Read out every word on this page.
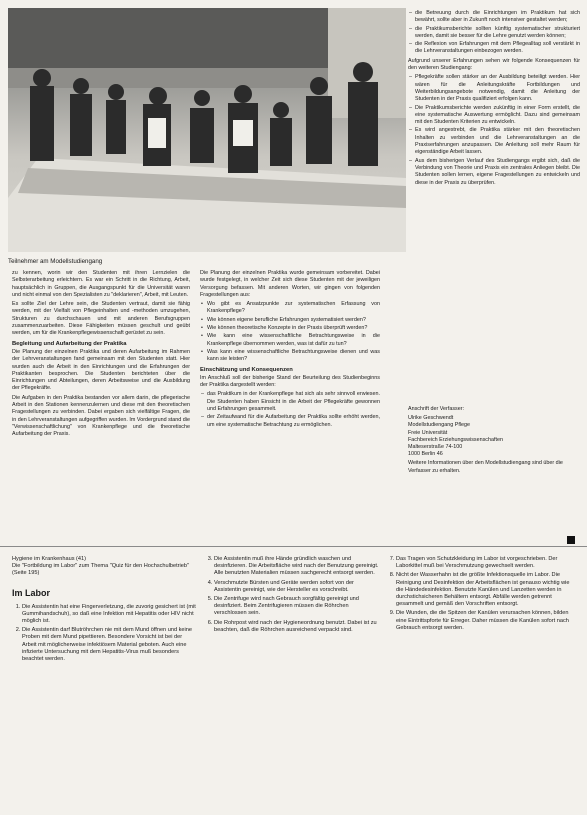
Teilnehmer am Modellstudiengang

zu kennen, worin wir den Studenten mit ihren Lernzielen die Selbsterarbeitung erleichtern. Es war ein Schritt in die Richtung, Arbeit, hauptsächlich in Gruppen, die Ausgangspunkt für die Universität waren und nicht einmal von den Spezialisten zu "deklarieren", Arbeit, mit Leuten.

Es sollte Ziel der Lehre sein, die Studenten vertraut, damit sie fähig werden, mit der Vielfalt von Pflegeinhalten und -methoden umzugehen, Strukturen zu durchschauen und mit anderen Berufsgruppen zusammenzuarbeiten. Diese Fähigkeiten müssen geschult und geübt werden, um für die Krankenpflegewissenschaft gerüstet zu sein.

Begleitung und Aufarbeitung der Praktika

Die Planung der einzelnen Praktika und deren Aufarbeitung im Rahmen der Lehrveranstaltungen fand gemeinsam mit den Studenten statt. Hier wurden auch die Arbeit in den Einrichtungen und die Erfahrungen der Praktikanten besprochen. Die Studenten berichteten über die Einrichtungen und Abteilungen, deren Arbeitsweise und die Ausbildung der Pflegekräfte.

Die Aufgaben in den Praktika bestanden vor allem darin, die pflegerische Arbeit in den Stationen kennenzulernen und diese mit den theoretischen Fragestellungen zu verbinden. Dabei ergaben sich vielfältige Fragen, die in den Lehrveranstaltungen aufgegriffen wurden. Im Vordergrund stand die "Verwissenschaftlichung" von Krankenpflege und die theoretische Aufarbeitung der Praxis.

Die Planung der einzelnen Praktika wurde gemeinsam vorbereitet. Dabei wurde festgelegt, in welcher Zeit sich diese Studenten mit der jeweiligen Versorgung befassen. Mit anderen Worten, wir gingen von folgenden Fragestellungen aus:

• Wo gibt es Ansatzpunkte zur systematischen Erfassung von Krankenpflege?
• Wie können eigene berufliche Erfahrungen systematisiert werden?
• Wie können theoretische Konzepte in der Praxis überprüft werden?
• Wie kann eine wissenschaftliche Betrachtungsweise in die Krankenpflege übernommen werden, was ist dafür zu tun?
• Was kann eine wissenschaftliche Betrachtungsweise dienen und was kann sie leisten?
Einschätzung und Konsequenzen

Im Anschluß soll der bisherige Stand der Beurteilung des Studienbeginns der Praktika dargestellt werden:

– das Praktikum in der Krankenpflege hat sich als sehr sinnvoll erwiesen. Die Studenten haben Einsicht in die Arbeit der Pflegekräfte gewonnen und Erfahrungen gesammelt.
– der Zeitaufwand für die Aufarbeitung der Praktika sollte erhöht werden, um eine systematische Betrachtung zu ermöglichen.
– die Betreuung durch die Einrichtungen im Praktikum hat sich bewährt, sollte aber in Zukunft noch intensiver gestaltet werden;
– die Praktikumsberichte sollten künftig systematischer strukturiert werden, damit sie besser für die Lehre genutzt werden können;
– die Reflexion von Erfahrungen mit dem Pflegealltag soll verstärkt in die Lehrveranstaltungen einbezogen werden.

Aufgrund unserer Erfahrungen sehen wir folgende Konsequenzen für den weiteren Studiengang:

– Pflegekräfte sollen stärker an der Ausbildung beteiligt werden. Hier wären für die Anleitungskräfte Fortbildungen und Weiterbildungsangebote notwendig, damit die Anleitung der Studenten in der Praxis qualifiziert erfolgen kann.
– Die Praktikumsberichte werden zukünftig in einer Form erstellt, die eine systematische Auswertung ermöglicht. Dazu sind gemeinsam mit den Studenten Kriterien zu entwickeln.
– Es wird angestrebt, die Praktika stärker mit den theoretischen Inhalten zu verbinden und die Lehrveranstaltungen an die Praxiserfahrungen anzupassen. Die Anleitung soll mehr Raum für eigenständige Arbeit lassen.
– Aus dem bisherigen Verlauf des Studiengangs ergibt sich, daß die Verbindung von Theorie und Praxis ein zentrales Anliegen bleibt. Die Studenten sollen lernen, eigene Fragestellungen zu entwickeln und diese in der Praxis zu überprüfen.

Anschrift der Verfasser:

Ulrike Geschwendt

Modellstudiengang Pflege

Freie Universität

Fachbereich Erziehungswissenschaften

Malteserstraße 74-100

1000 Berlin 46

Weitere Informationen über den Modellstudiengang sind über die Verfasser zu erhalten.

Hygiene im Krankenhaus (41)
Die "Fortbildung im Labor" zum Thema "Quiz für den Hochschulbetrieb" (Seite 195)

Im Labor
1. Die Assistentin hat eine Fingerverletzung, die zuvorig gesichert ist (mit Gummihandschuh), so daß eine Infektion mit Hepatitis oder HIV nicht möglich ist.
2. Die Assistentin darf Blutröhrchen nie mit dem Mund öffnen und keine Proben mit dem Mund pipettieren. Besondere Vorsicht ist bei der Arbeit mit möglicherweise infektiösem Material geboten. Auch eine infizierte Untersuchung mit dem Hepatitis-Virus muß besonders beachtet werden.
3. Die Assistentin muß ihre Hände gründlich waschen und desinfizieren. Die Arbeitsfläche wird nach der Benutzung gereinigt. Alle benutzten Materialien müssen sachgerecht entsorgt werden.
4. Verschmutzte Bürsten und Geräte werden sofort von der Assistentin gereinigt, wie der Hersteller es vorschreibt.
5. Die Zentrifuge wird nach Gebrauch sorgfältig gereinigt und desinfiziert. Beim Zentrifugieren müssen die Röhrchen verschlossen sein.
6. Die Rohrpost wird nach der Hygieneordnung benutzt. Dabei ist zu beachten, daß die Röhrchen ausreichend verpackt sind.
7. Das Tragen von Schutzkleidung im Labor ist vorgeschrieben. Der Laborkittel muß bei Verschmutzung gewechselt werden.
8. Nicht der Wasserhahn ist die größte Infektionsquelle im Labor. Die Reinigung und Desinfektion der Arbeitsflächen ist genauso wichtig wie die Händedesinfektion. Benutzte Kanülen und Lanzetten werden in durchstichsicheren Behältern entsorgt. Abfälle werden getrennt gesammelt und gemäß den Vorschriften entsorgt.
9. Die Wunden, die die Spitzen der Kanülen verursachen können, bilden eine Eintrittspforte für Erreger. Daher müssen die Kanülen sofort nach Gebrauch entsorgt werden.
